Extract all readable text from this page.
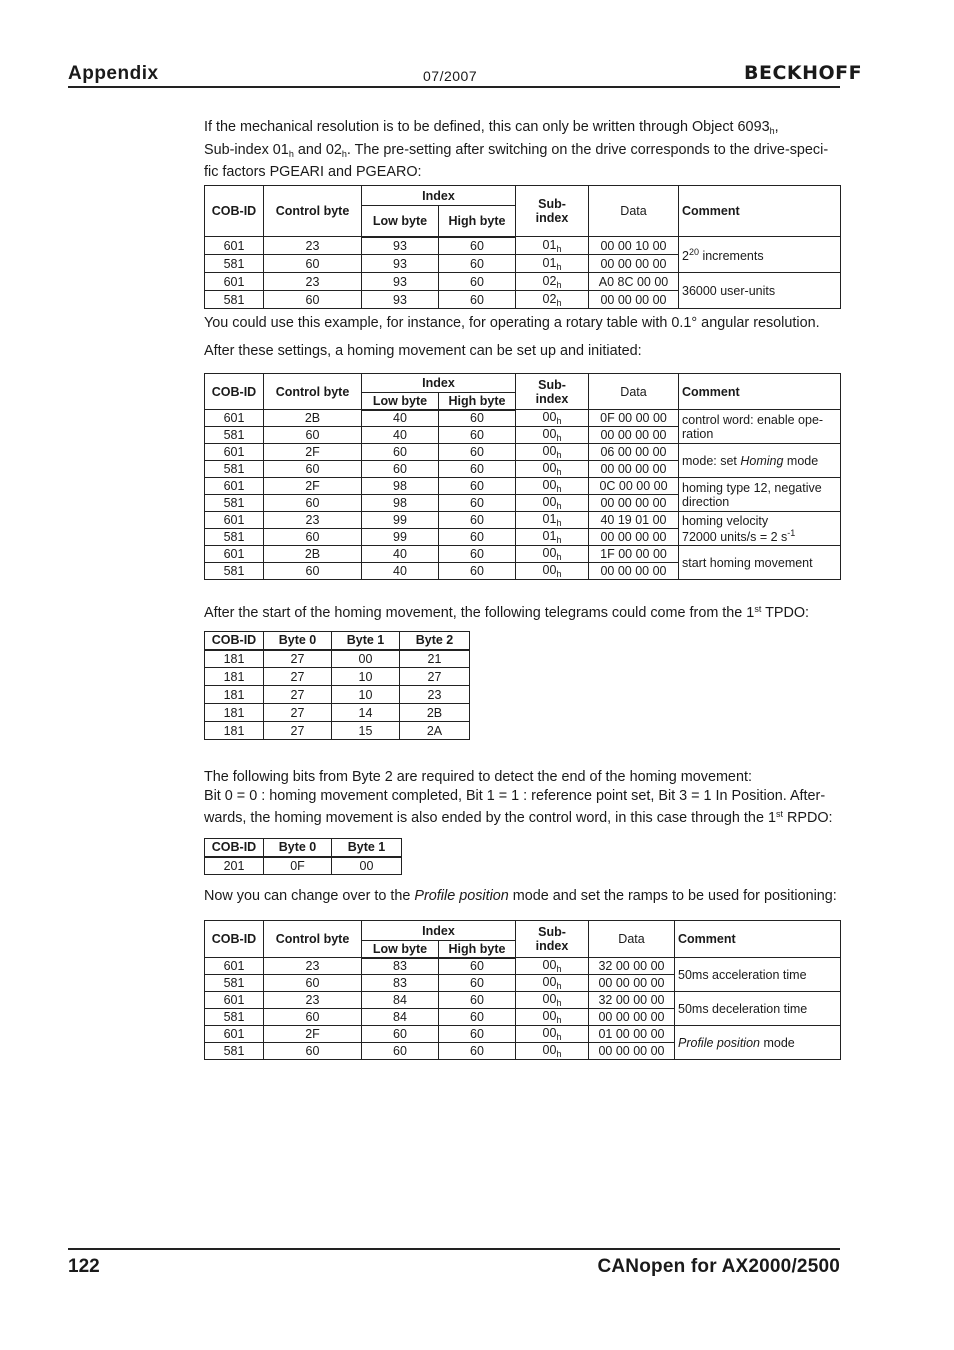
Appendix	07/2007	BECKHOFF
If the mechanical resolution is to be defined, this can only be written through Object $6093_h$,
Sub-index $01_h$ and $02_h$. The pre-setting after switching on the drive corresponds to the drive-speci-
fic factors PGEARI and PGEARO:
COB-ID	Control byte	Index		Sub-
index	Data	Comment
		Low byte	High byte			
601	23	93	60	$01_h$	00 00 10 00	$2^{20}$ increments
581	60	93	60	$01_h$	00 00 00 00	
601	23	93	60	$02_h$	A0 8C 00 00	36000 user-units
581	60	93	60	$02_h$	00 00 00 00	
You could use this example, for instance, for operating a rotary table with 0.1° angular resolution.
After these settings, a homing movement can be set up and initiated:
COB-ID	Control byte	Index		Sub-
index	Data	Comment
		Low byte	High byte			
601	2B	40	60	$00_h$	0F 00 00 00	control word: enable ope-
ration
581	60	40	60	$00_h$	00 00 00 00	
601	2F	60	60	$00_h$	06 00 00 00	mode: set Homing mode
581	60	60	60	$00_h$	00 00 00 00	
601	2F	98	60	$00_h$	0C 00 00 00	homing type 12, negative
direction
581	60	98	60	$00_h$	00 00 00 00	
601	23	99	60	$01_h$	40 19 01 00	homing velocity
72000 units/s = 2 $s^{-1}$
581	60	99	60	$01_h$	00 00 00 00	
601	2B	40	60	$00_h$	1F 00 00 00	start homing movement
581	60	40	60	$00_h$	00 00 00 00	
After the start of the homing movement, the following telegrams could come from the 1st TPDO:
COB-ID	Byte 0	Byte 1	Byte 2
181	27	00	21
181	27	10	27
181	27	10	23
181	27	14	2B
181	27	15	2A
The following bits from Byte 2 are required to detect the end of the homing movement:
Bit 0 = 0 : homing movement completed, Bit 1 = 1 : reference point set, Bit 3 = 1 In Position. After-
wards, the homing movement is also ended by the control word, in this case through the 1st RPDO:
COB-ID	Byte 0	Byte 1
201	0F	00
Now you can change over to the Profile position mode and set the ramps to be used for positioning:
COB-ID	Control byte	Index		Sub-
index	Data	Comment
		Low byte	High byte			
601	23	83	60	$00_h$	32 00 00 00	50ms acceleration time
581	60	83	60	$00_h$	00 00 00 00	
601	23	84	60	$00_h$	32 00 00 00	50ms deceleration time
581	60	84	60	$00_h$	00 00 00 00	
601	2F	60	60	$00_h$	01 00 00 00	Profile position mode
581	60	60	60	$00_h$	00 00 00 00	
122	CANopen for AX2000/2500
